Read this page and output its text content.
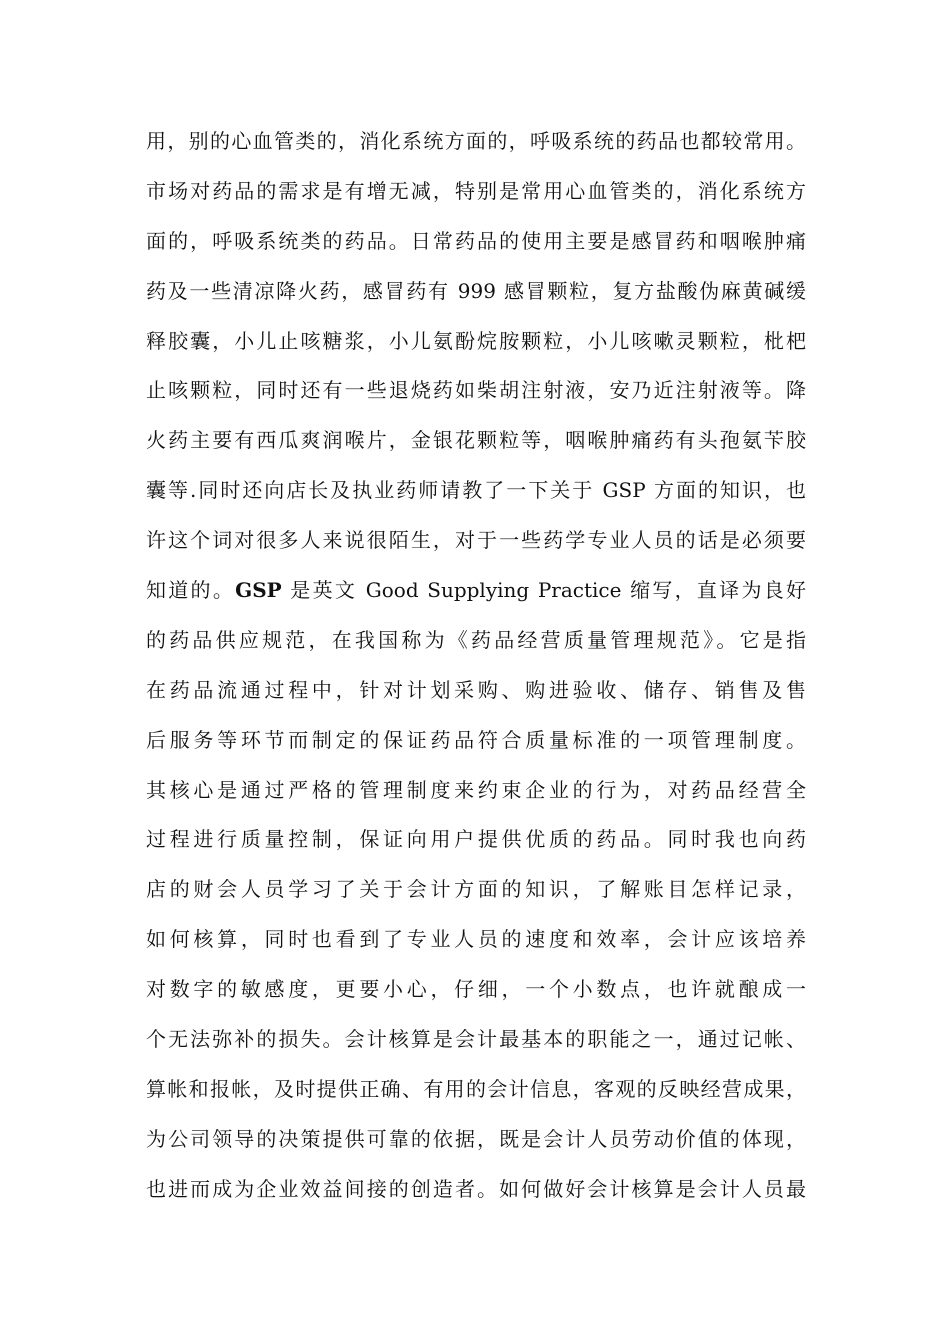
用，别的心血管类的，消化系统方面的，呼吸系统的药品也都较常用。
市场对药品的需求是有增无减，特别是常用心血管类的，消化系统方
面的，呼吸系统类的药品。日常药品的使用主要是感冒药和咽喉肿痛
药及一些清凉降火药，感冒药有 999 感冒颗粒，复方盐酸伪麻黄碱缓
释胶囊，小儿止咳糖浆，小儿氨酚烷胺颗粒，小儿咳嗽灵颗粒，枇杷
止咳颗粒，同时还有一些退烧药如柴胡注射液，安乃近注射液等。降
火药主要有西瓜爽润喉片，金银花颗粒等，咽喉肿痛药有头孢氨苄胶
囊等.同时还向店长及执业药师请教了一下关于 GSP 方面的知识，也
许这个词对很多人来说很陌生，对于一些药学专业人员的话是必须要
知道的。GSP 是英文 Good Supplying Practice 缩写，直译为良好
的药品供应规范，在我国称为《药品经营质量管理规范》。它是指
在药品流通过程中，针对计划采购、购进验收、储存、销售及售
后服务等环节而制定的保证药品符合质量标准的一项管理制度。
其核心是通过严格的管理制度来约束企业的行为，对药品经营全
过程进行质量控制，保证向用户提供优质的药品。同时我也向药
店的财会人员学习了关于会计方面的知识，了解账目怎样记录，
如何核算，同时也看到了专业人员的速度和效率，会计应该培养
对数字的敏感度，更要小心，仔细，一个小数点，也许就酿成一
个无法弥补的损失。会计核算是会计最基本的职能之一，通过记帐、
算帐和报帐，及时提供正确、有用的会计信息，客观的反映经营成果，
为公司领导的决策提供可靠的依据，既是会计人员劳动价值的体现，
也进而成为企业效益间接的创造者。如何做好会计核算是会计人员最
